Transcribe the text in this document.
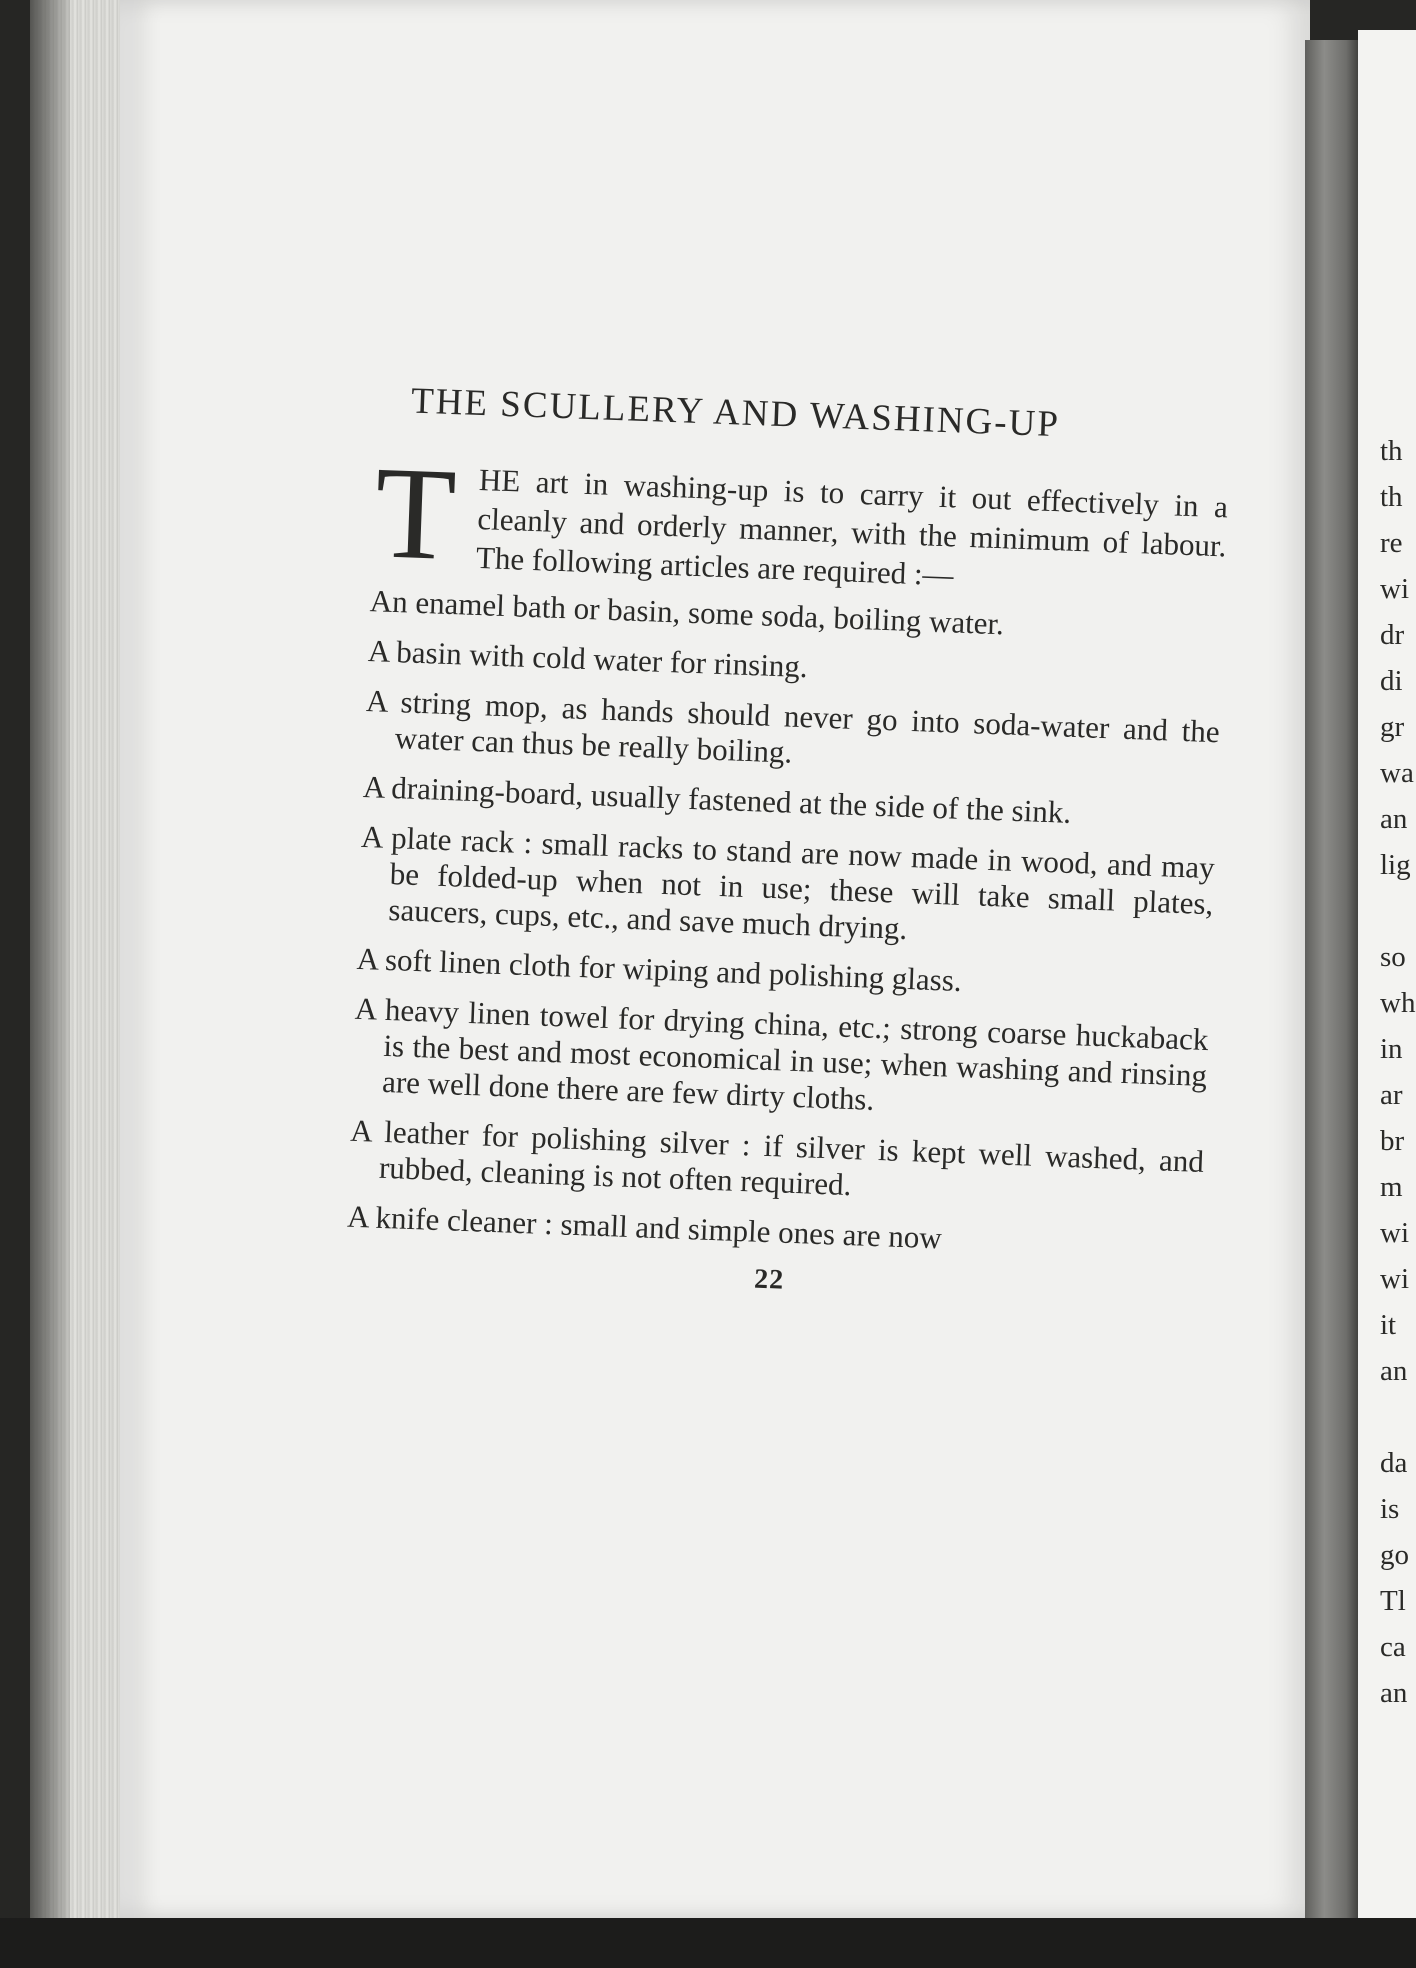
THE SCULLERY AND WASHING-UP

T HE art in washing-up is to carry it out effectively in a cleanly and orderly manner, with the minimum of labour. The following articles are required :—

An enamel bath or basin, some soda, boiling water.
A basin with cold water for rinsing.
A string mop, as hands should never go into soda-water and the water can thus be really boiling.
A draining-board, usually fastened at the side of the sink.
A plate rack : small racks to stand are now made in wood, and may be folded-up when not in use; these will take small plates, saucers, cups, etc., and save much drying.
A soft linen cloth for wiping and polishing glass.
A heavy linen towel for drying china, etc.; strong coarse huckaback is the best and most economical in use; when washing and rinsing are well done there are few dirty cloths.
A leather for polishing silver : if silver is kept well washed, and rubbed, cleaning is not often required.
A knife cleaner : small and simple ones are now
22
th
th
re
wi
dr
di
gr
wa
an
lig
so
wh
in
ar
br
m
wi
wi
it
an
da
is
go
Tl
ca
an
